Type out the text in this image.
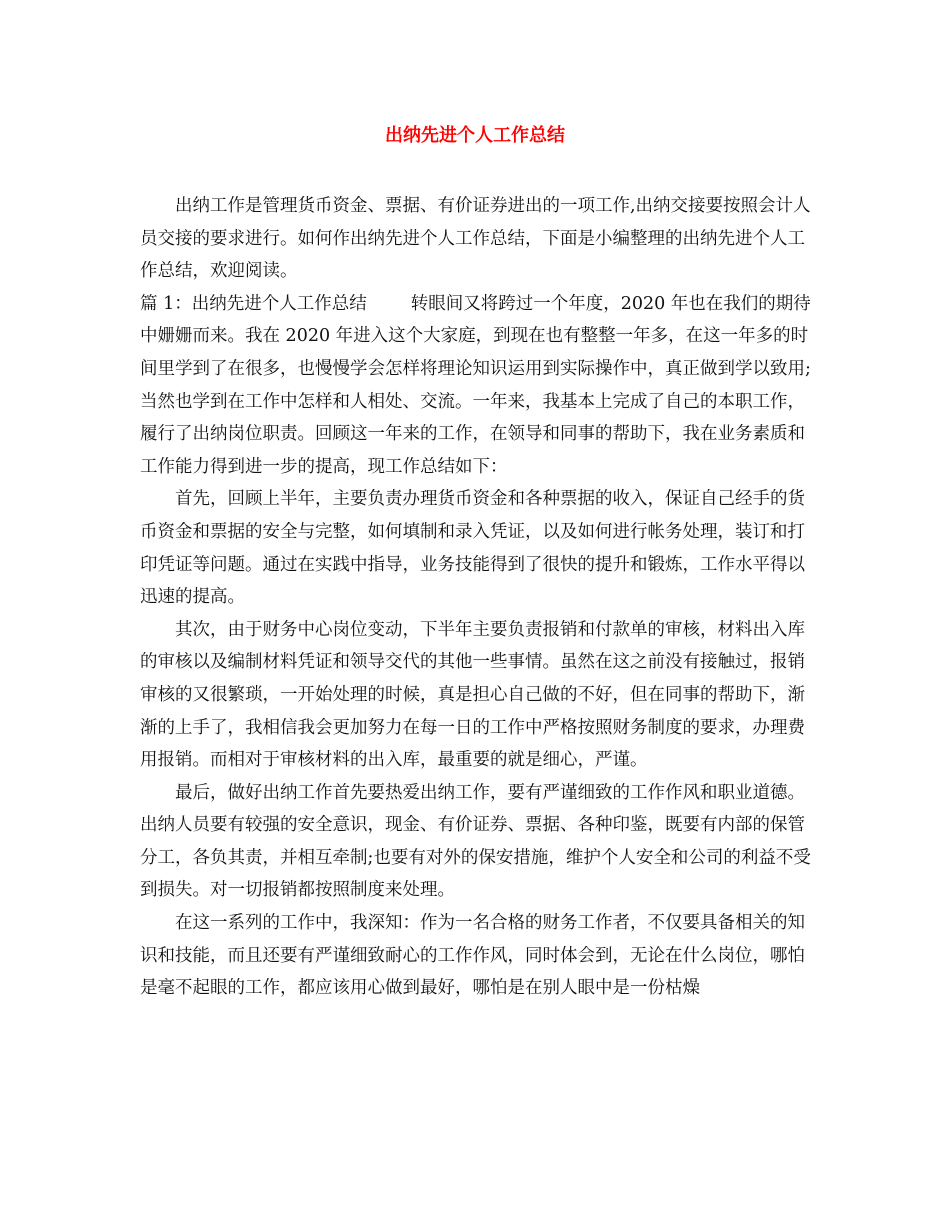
出纳先进个人工作总结

出纳工作是管理货币资金、票据、有价证券进出的一项工作,出纳交接要按照会计人员交接的要求进行。如何作出纳先进个人工作总结，下面是小编整理的出纳先进个人工作总结，欢迎阅读。

篇 1：出纳先进个人工作总结	转眼间又将跨过一个年度，2020 年也在我们的期待中姗姗而来。我在 2020 年进入这个大家庭，到现在也有整整一年多，在这一年多的时间里学到了在很多，也慢慢学会怎样将理论知识运用到实际操作中，真正做到学以致用;当然也学到在工作中怎样和人相处、交流。一年来，我基本上完成了自己的本职工作，履行了出纳岗位职责。回顾这一年来的工作，在领导和同事的帮助下，我在业务素质和工作能力得到进一步的提高，现工作总结如下：

首先，回顾上半年，主要负责办理货币资金和各种票据的收入，保证自己经手的货币资金和票据的安全与完整，如何填制和录入凭证，以及如何进行帐务处理，装订和打印凭证等问题。通过在实践中指导，业务技能得到了很快的提升和锻炼，工作水平得以迅速的提高。

其次，由于财务中心岗位变动，下半年主要负责报销和付款单的审核，材料出入库的审核以及编制材料凭证和领导交代的其他一些事情。虽然在这之前没有接触过，报销审核的又很繁琐，一开始处理的时候，真是担心自己做的不好，但在同事的帮助下，渐渐的上手了，我相信我会更加努力在每一日的工作中严格按照财务制度的要求，办理费用报销。而相对于审核材料的出入库，最重要的就是细心，严谨。

最后，做好出纳工作首先要热爱出纳工作，要有严谨细致的工作作风和职业道德。出纳人员要有较强的安全意识，现金、有价证券、票据、各种印鉴，既要有内部的保管分工，各负其责，并相互牵制;也要有对外的保安措施，维护个人安全和公司的利益不受到损失。对一切报销都按照制度来处理。

在这一系列的工作中，我深知：作为一名合格的财务工作者，不仅要具备相关的知识和技能，而且还要有严谨细致耐心的工作作风，同时体会到，无论在什么岗位，哪怕是毫不起眼的工作，都应该用心做到最好，哪怕是在别人眼中是一份枯燥
